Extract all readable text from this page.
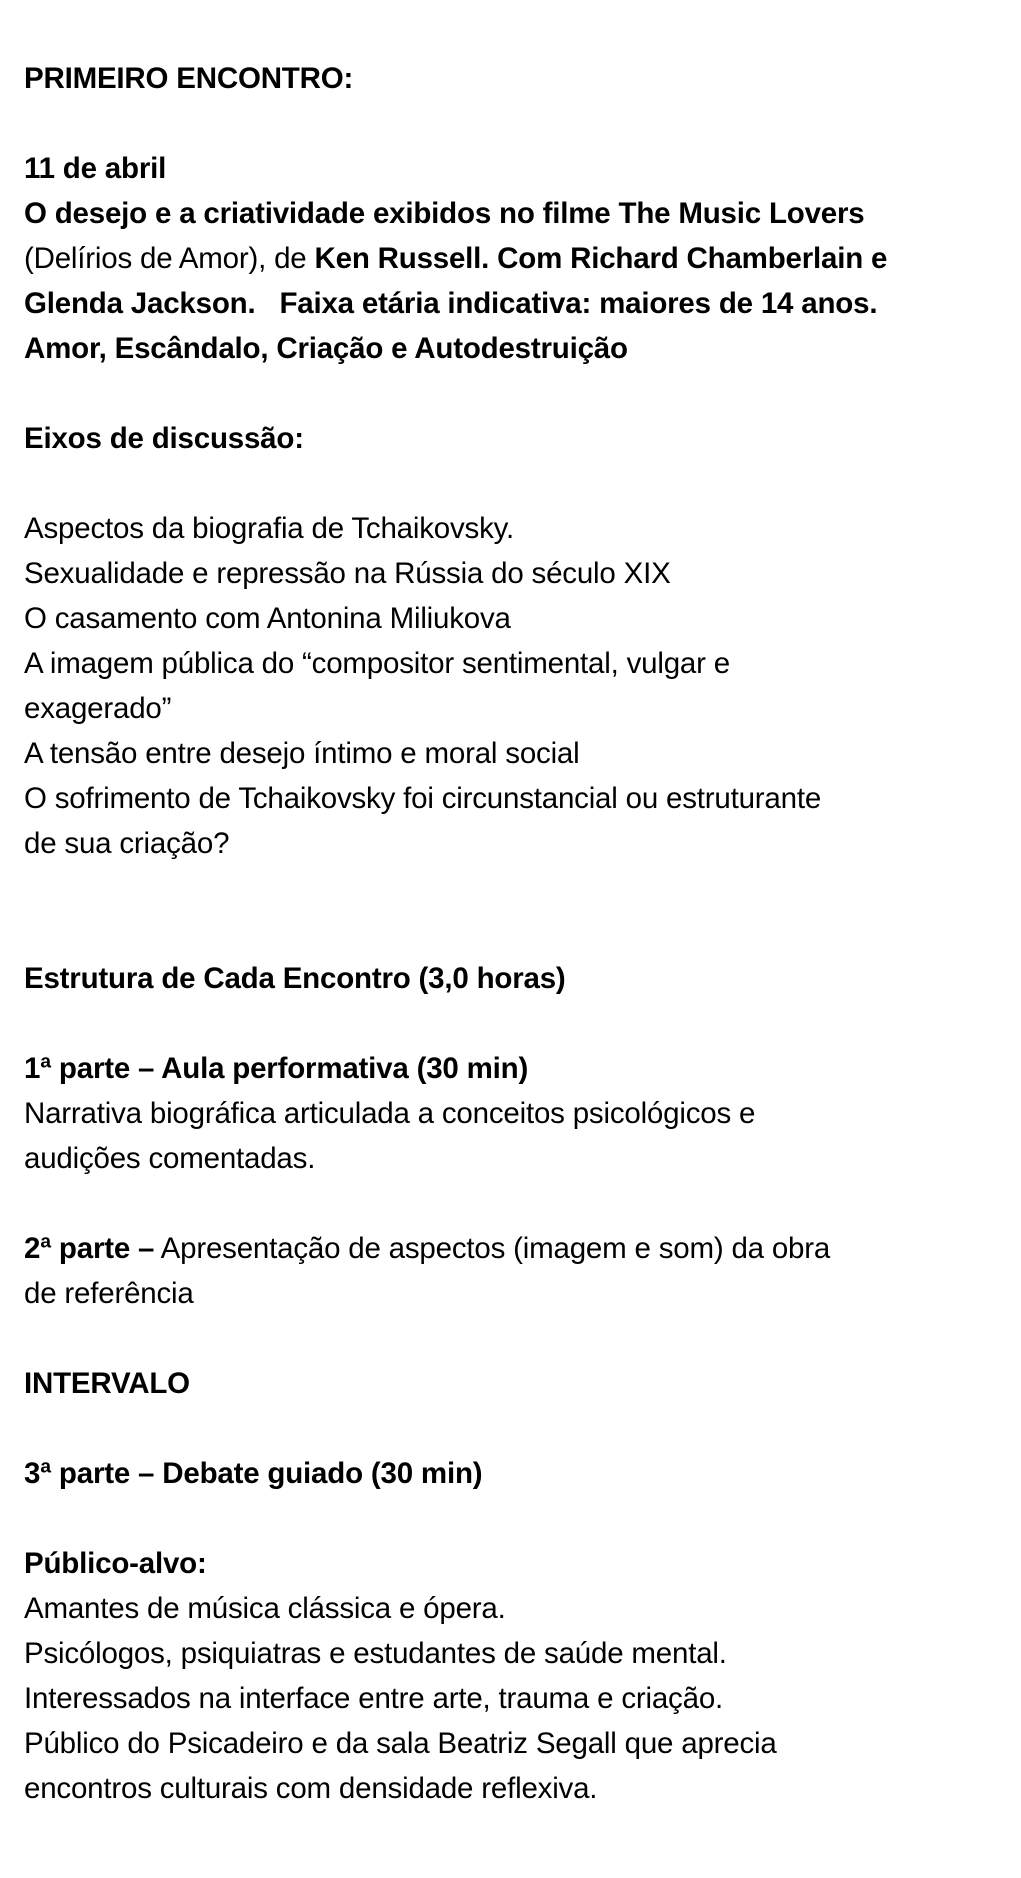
PRIMEIRO ENCONTRO:
11 de abril
O desejo e a criatividade exibidos no filme The Music Lovers
(Delírios de Amor), de Ken Russell. Com Richard Chamberlain e
Glenda Jackson.   Faixa etária indicativa: maiores de 14 anos.
Amor, Escândalo, Criação e Autodestruição
Eixos de discussão:
Aspectos da biografia de Tchaikovsky.
Sexualidade e repressão na Rússia do século XIX
O casamento com Antonina Miliukova
A imagem pública do “compositor sentimental, vulgar e
exagerado”
A tensão entre desejo íntimo e moral social
O sofrimento de Tchaikovsky foi circunstancial ou estruturante
de sua criação?
Estrutura de Cada Encontro (3,0 horas)
1ª parte – Aula performativa (30 min)
Narrativa biográfica articulada a conceitos psicológicos e
audições comentadas.
2ª parte – Apresentação de aspectos (imagem e som) da obra
de referência
INTERVALO
3ª parte – Debate guiado (30 min)
Público-alvo:
Amantes de música clássica e ópera.
Psicólogos, psiquiatras e estudantes de saúde mental.
Interessados na interface entre arte, trauma e criação.
Público do Psicadeiro e da sala Beatriz Segall que aprecia
encontros culturais com densidade reflexiva.
